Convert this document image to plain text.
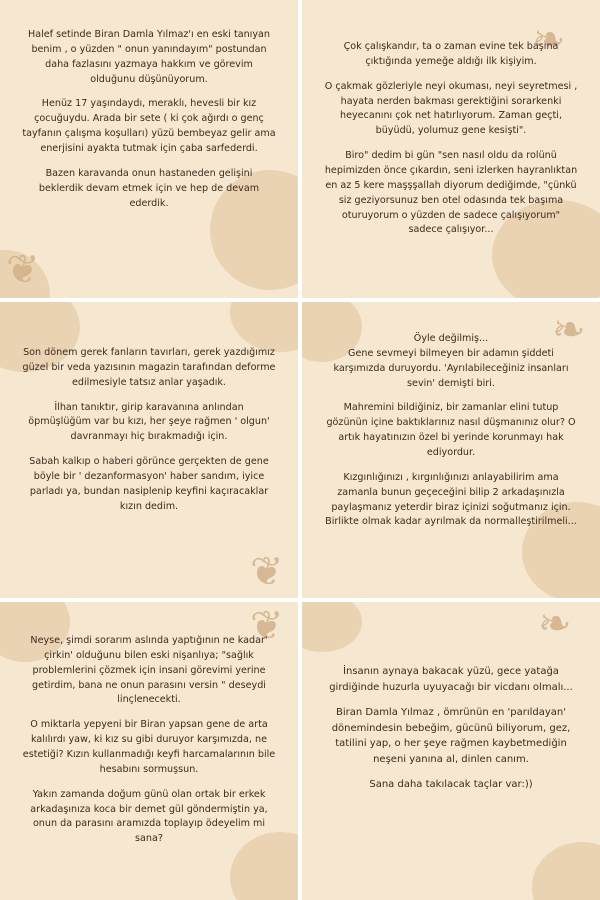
❦

Halef setinde Biran Damla Yılmaz'ı en eski tanıyan benim , o yüzden " onun yanındayım" postundan daha fazlasını yazmaya hakkım ve görevim olduğunu düşünüyorum.

Henüz 17 yaşındaydı, meraklı, hevesli bir kız çocuğuydu. Arada bir sete ( ki çok ağırdı o genç tayfanın çalışma koşulları) yüzü bembeyaz gelir ama enerjisini ayakta tutmak için çaba sarfederdi.

Bazen karavanda onun hastaneden gelişini beklerdik devam etmek için ve hep de devam ederdik.

❧

Çok çalışkandır, ta o zaman evine tek başına çıktığında yemeğe aldığı ilk kişiyim.

O çakmak gözleriyle neyi okuması, neyi seyretmesi , hayata nerden bakması gerektiğini sorarkenki heyecanını çok net hatırlıyorum. Zaman geçti, büyüdü, yolumuz gene kesişti".

Biro" dedim bi gün "sen nasıl oldu da rolünü hepimizden önce çıkardın, seni izlerken hayranlıktan en az 5 kere maşşşallah diyorum dediğimde, "çünkü siz geziyorsunuz ben otel odasında tek başıma oturuyorum o yüzden de sadece çalışıyorum" sadece çalışıyor...

❦

Son dönem gerek fanların tavırları, gerek yazdığımız güzel bir veda yazısının magazin tarafından deforme edilmesiyle tatsız anlar yaşadık.

İlhan tanıktır, girip karavanına anlından öpmüşlüğüm var bu kızı, her şeye rağmen ' olgun' davranmayı hiç bırakmadığı için.

Sabah kalkıp o haberi görünce gerçekten de gene böyle bir ' dezanformasyon' haber sandım, iyice parladı ya, bundan nasiplenip keyfini kaçıracaklar kızın dedim.

❧

Öyle değilmiş...
Gene sevmeyi bilmeyen bir adamın şiddeti karşımızda duruyordu. 'Ayrılabileceğiniz insanları sevin' demişti biri.

Mahremini bildiğiniz, bir zamanlar elini tutup gözünün içine baktıklarınız nasıl düşmanınız olur? O artık hayatınızın özel bi yerinde korunmayı hak ediyordur.

Kızgınlığınızı , kırgınlığınızı anlayabilirim ama zamanla bunun geçeceğini bilip 2 arkadaşınızla paylaşmanız yeterdir biraz içinizi soğutmanız için. Birlikte olmak kadar ayrılmak da normalleştirilmeli...

❦

Neyse, şimdi sorarım aslında yaptığının ne kadar' çirkin' olduğunu bilen eski nişanlıya; "sağlık problemlerini çözmek için insani görevimi yerine getirdim, bana ne onun parasını versin " deseydi linçlenecekti.

O miktarla yepyeni bir Biran yapsan gene de arta kalılırdı yaw, ki kız su gibi duruyor karşımızda, ne estetiği? Kızın kullanmadığı keyfi harcamalarının bile hesabını sormuşsun.

Yakın zamanda doğum günü olan ortak bir erkek arkadaşınıza koca bir demet gül göndermiştin ya, onun da parasını aramızda toplayıp ödeyelim mi sana?

❧

İnsanın aynaya bakacak yüzü, gece yatağa girdiğinde huzurla uyuyacağı bir vicdanı olmalı...

Biran Damla Yılmaz , ömrünün en 'parıldayan' dönemindesin bebeğim, gücünü biliyorum, gez, tatilini yap, o her şeye rağmen kaybetmediğin neşeni yanına al, dinlen canım.

Sana daha takılacak taçlar var:))
